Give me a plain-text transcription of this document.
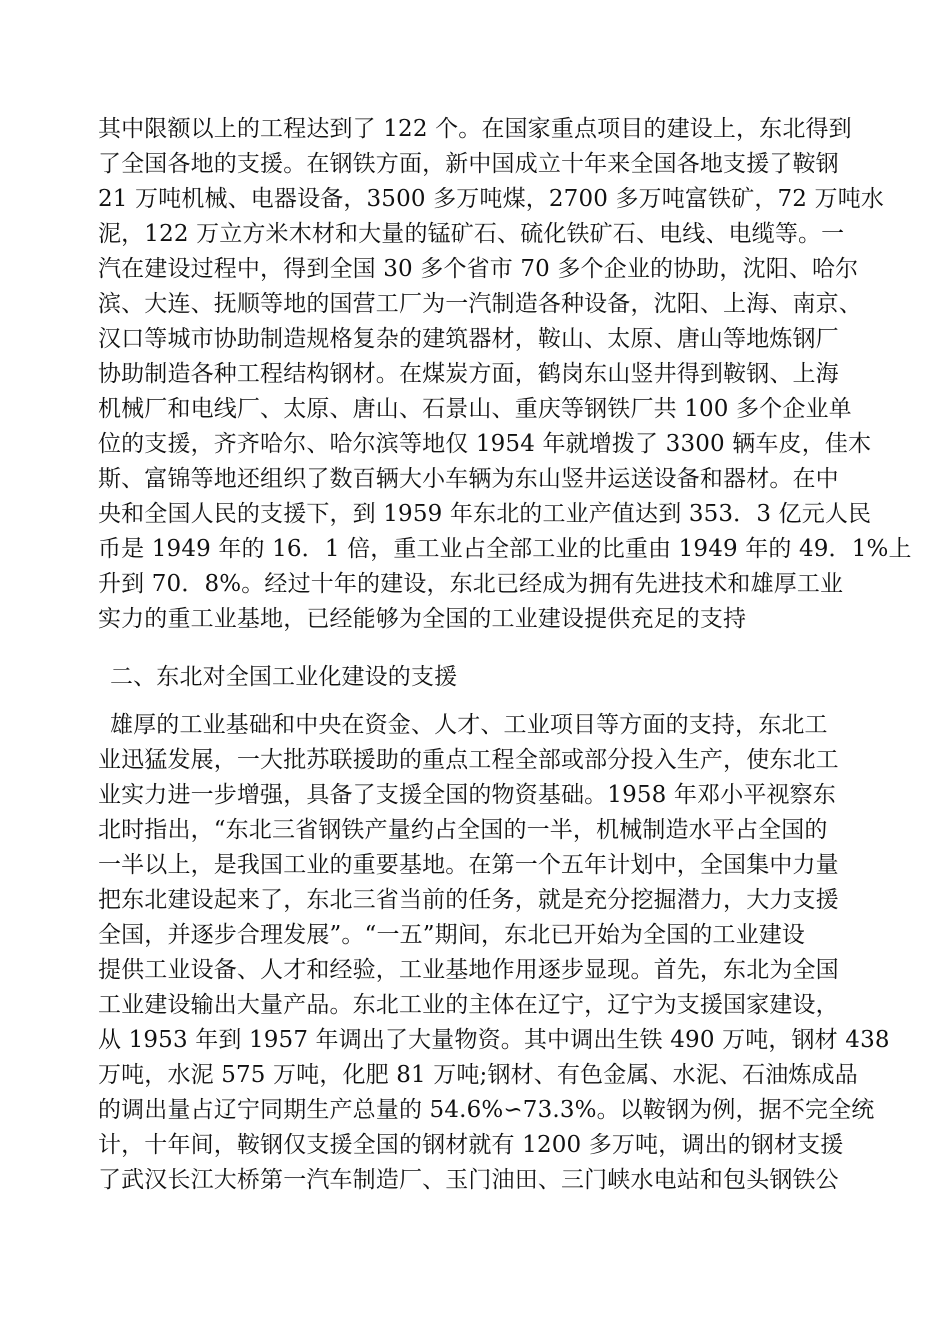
其中限额以上的工程达到了 122 个。在国家重点项目的建设上，东北得到
了全国各地的支援。在钢铁方面，新中国成立十年来全国各地支援了鞍钢
21 万吨机械、电器设备，3500 多万吨煤，2700 多万吨富铁矿，72 万吨水
泥，122 万立方米木材和大量的锰矿石、硫化铁矿石、电线、电缆等。一
汽在建设过程中，得到全国 30 多个省市 70 多个企业的协助，沈阳、哈尔
滨、大连、抚顺等地的国营工厂为一汽制造各种设备，沈阳、上海、南京、
汉口等城市协助制造规格复杂的建筑器材，鞍山、太原、唐山等地炼钢厂
协助制造各种工程结构钢材。在煤炭方面，鹤岗东山竖井得到鞍钢、上海
机械厂和电线厂、太原、唐山、石景山、重庆等钢铁厂共 100 多个企业单
位的支援，齐齐哈尔、哈尔滨等地仅 1954 年就增拨了 3300 辆车皮，佳木
斯、富锦等地还组织了数百辆大小车辆为东山竖井运送设备和器材。在中
央和全国人民的支援下，到 1959 年东北的工业产值达到 353．3 亿元人民
币是 1949 年的 16．1 倍，重工业占全部工业的比重由 1949 年的 49．1%上
升到 70．8%。经过十年的建设，东北已经成为拥有先进技术和雄厚工业
实力的重工业基地，已经能够为全国的工业建设提供充足的支持
二、东北对全国工业化建设的支援
雄厚的工业基础和中央在资金、人才、工业项目等方面的支持，东北工
业迅猛发展，一大批苏联援助的重点工程全部或部分投入生产，使东北工
业实力进一步增强，具备了支援全国的物资基础。1958 年邓小平视察东
北时指出，“东北三省钢铁产量约占全国的一半，机械制造水平占全国的
一半以上，是我国工业的重要基地。在第一个五年计划中，全国集中力量
把东北建设起来了，东北三省当前的任务，就是充分挖掘潜力，大力支援
全国，并逐步合理发展”。“一五”期间，东北已开始为全国的工业建设
提供工业设备、人才和经验，工业基地作用逐步显现。首先，东北为全国
工业建设输出大量产品。东北工业的主体在辽宁，辽宁为支援国家建设，
从 1953 年到 1957 年调出了大量物资。其中调出生铁 490 万吨，钢材 438
万吨，水泥 575 万吨，化肥 81 万吨;钢材、有色金属、水泥、石油炼成品
的调出量占辽宁同期生产总量的 54.6%∽73.3%。以鞍钢为例，据不完全统
计，十年间，鞍钢仅支援全国的钢材就有 1200 多万吨，调出的钢材支援
了武汉长江大桥第一汽车制造厂、玉门油田、三门峡水电站和包头钢铁公
